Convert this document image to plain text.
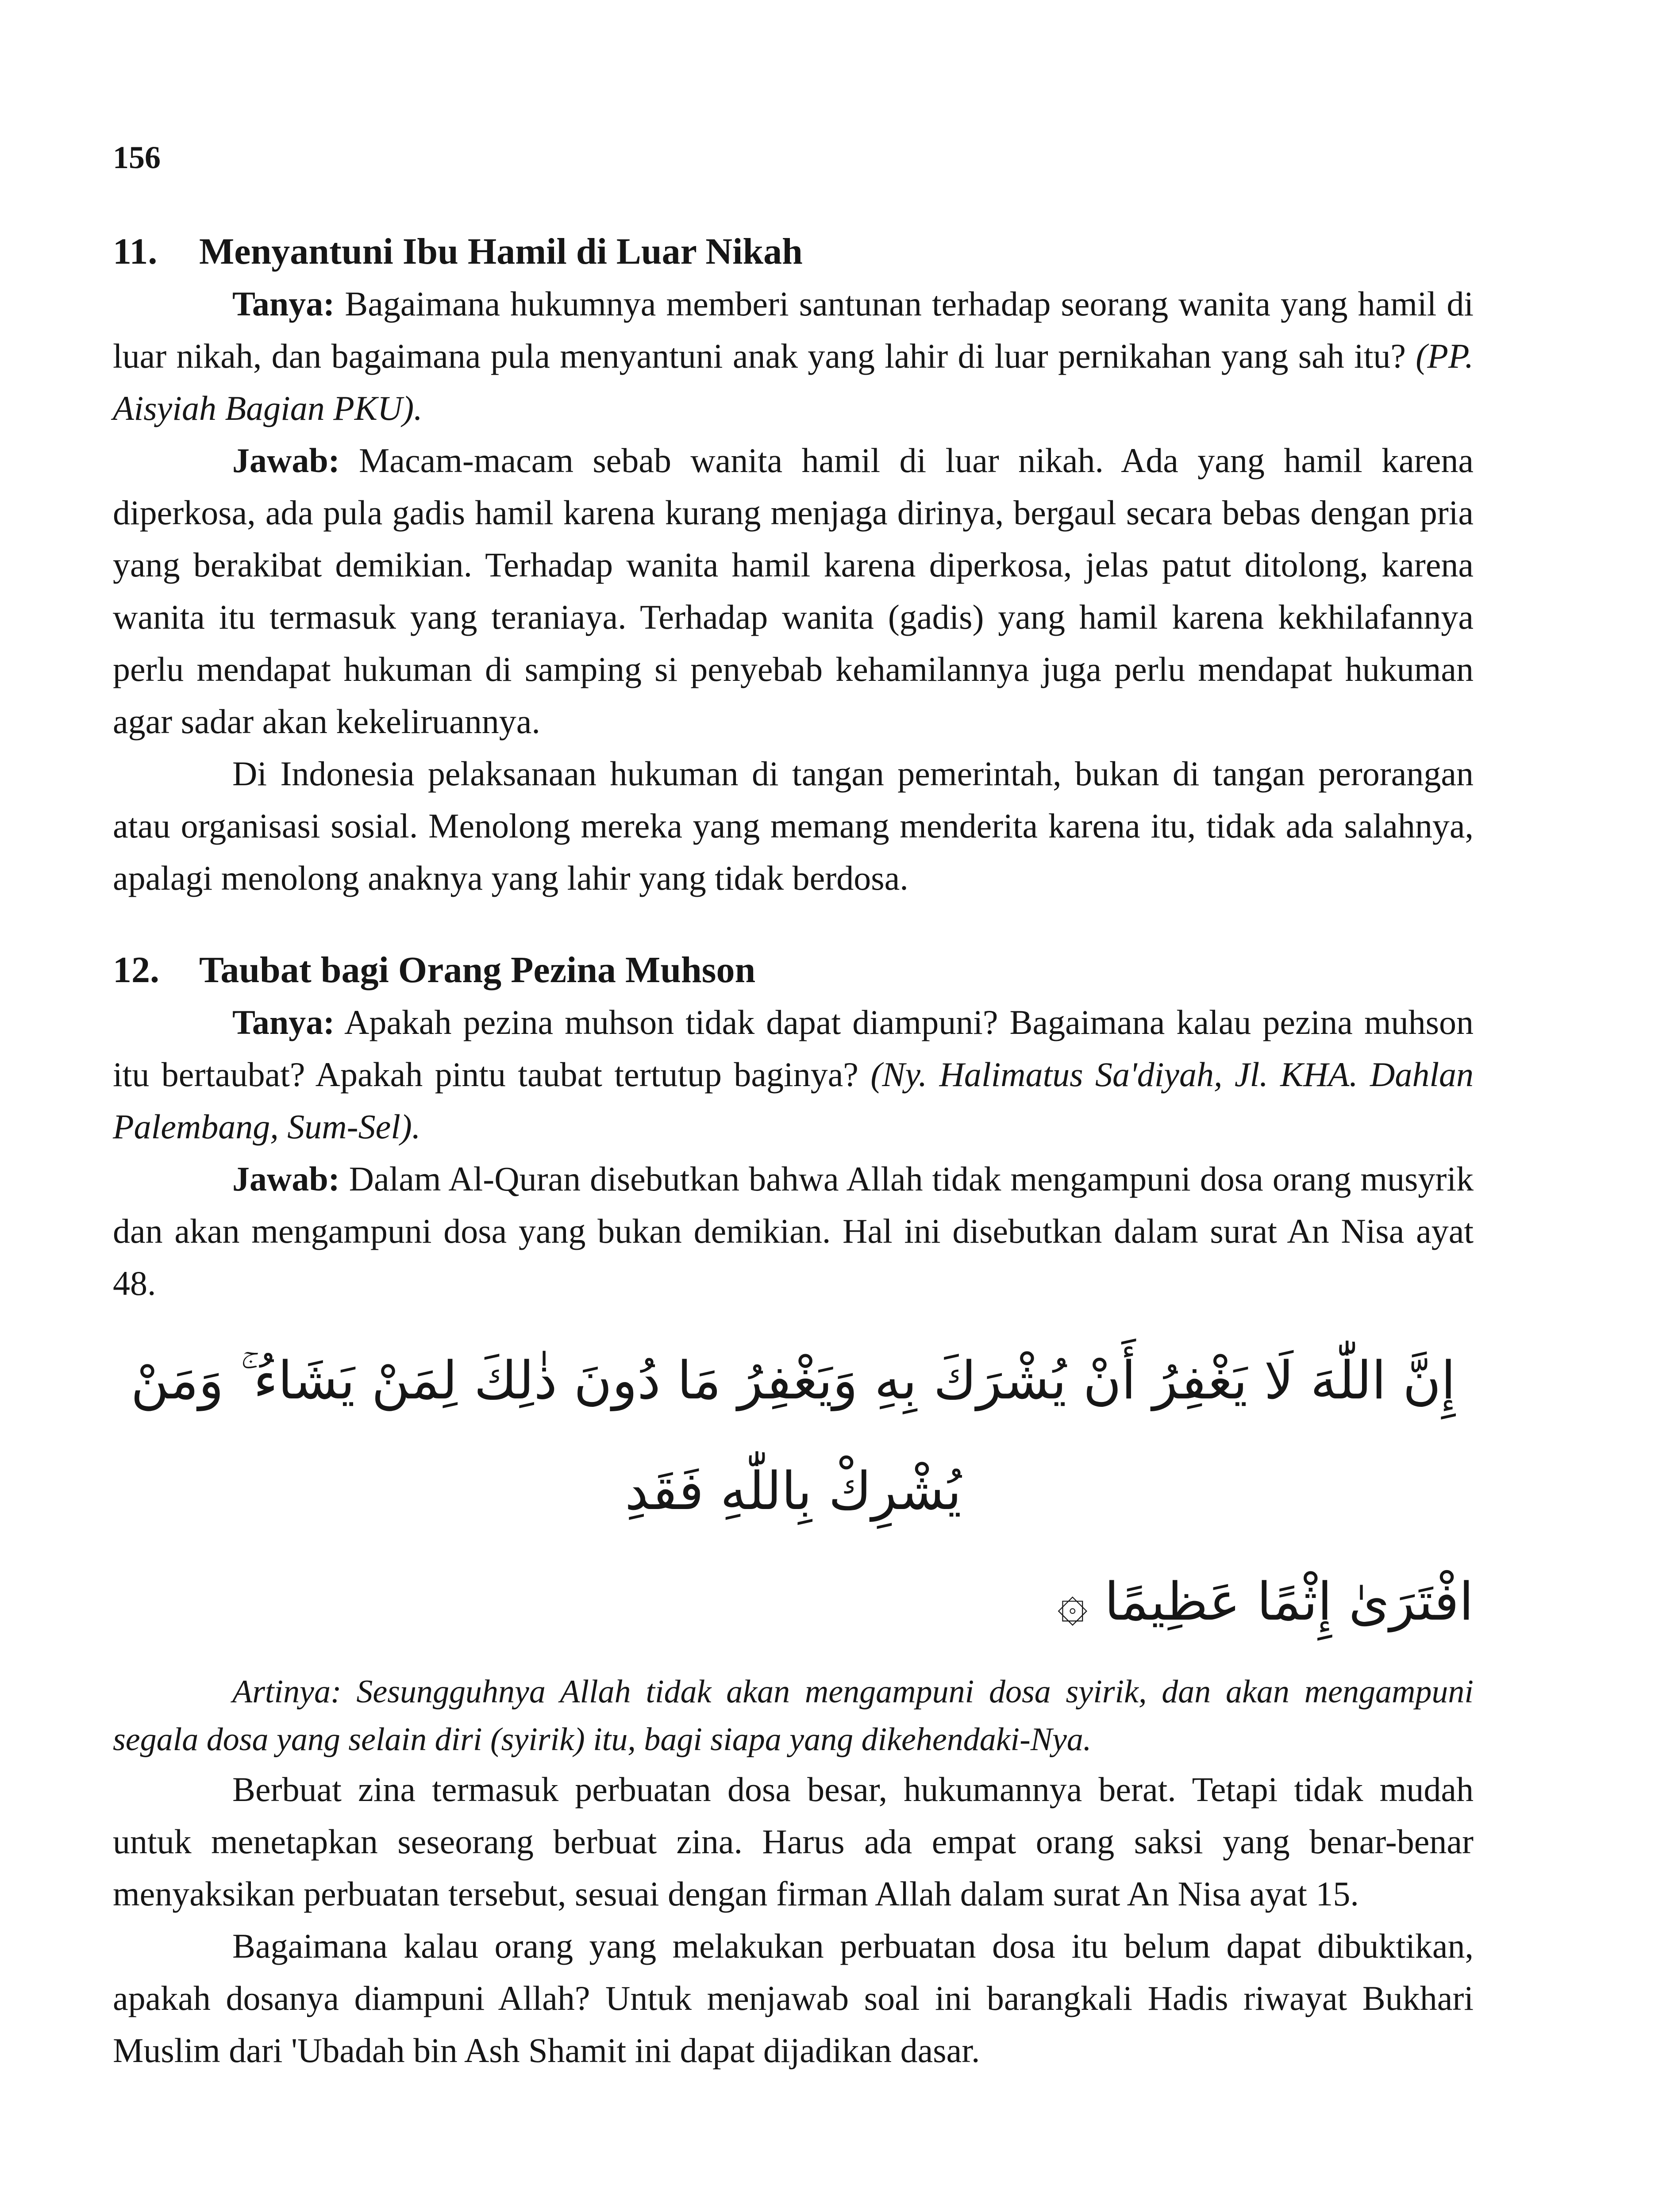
156
11.	Menyantuni Ibu Hamil di Luar Nikah

Tanya: Bagaimana hukumnya memberi santunan terhadap seorang wanita yang hamil di luar nikah, dan bagaimana pula menyantuni anak yang lahir di luar pernikahan yang sah itu? (PP. Aisyiah Bagian PKU).

Jawab: Macam-macam sebab wanita hamil di luar nikah. Ada yang hamil karena diperkosa, ada pula gadis hamil karena kurang menjaga dirinya, bergaul secara bebas dengan pria yang berakibat demikian. Terhadap wanita hamil karena diperkosa, jelas patut ditolong, karena wanita itu termasuk yang teraniaya. Terhadap wanita (gadis) yang hamil karena kekhilafannya perlu mendapat hukuman di samping si penyebab kehamilannya juga perlu mendapat hukuman agar sadar akan kekeliruannya.

Di Indonesia pelaksanaan hukuman di tangan pemerintah, bukan di tangan perorangan atau organisasi sosial. Menolong mereka yang memang menderita karena itu, tidak ada salahnya, apalagi menolong anaknya yang lahir yang tidak berdosa.

12.	Taubat bagi Orang Pezina Muhson

Tanya: Apakah pezina muhson tidak dapat diampuni? Bagaimana kalau pezina muhson itu bertaubat? Apakah pintu taubat tertutup baginya? (Ny. Halimatus Sa'diyah, Jl. KHA. Dahlan Palembang, Sum-Sel).

Jawab: Dalam Al-Quran disebutkan bahwa Allah tidak mengampuni dosa orang musyrik dan akan mengampuni dosa yang bukan demikian. Hal ini disebutkan dalam surat An Nisa ayat 48.

إِنَّ اللّٰهَ لَا يَغْفِرُ أَنْ يُشْرَكَ بِهِ وَيَغْفِرُ مَا دُونَ ذٰلِكَ لِمَنْ يَشَاءُ ۚ وَمَنْ يُشْرِكْ بِاللّٰهِ فَقَدِ
افْتَرَىٰ إِثْمًا عَظِيمًا ۞

Artinya: Sesungguhnya Allah tidak akan mengampuni dosa syirik, dan akan mengampuni segala dosa yang selain diri (syirik) itu, bagi siapa yang dikehendaki-Nya.

Berbuat zina termasuk perbuatan dosa besar, hukumannya berat. Tetapi tidak mudah untuk menetapkan seseorang berbuat zina. Harus ada empat orang saksi yang benar-benar menyaksikan perbuatan tersebut, sesuai dengan firman Allah dalam surat An Nisa ayat 15.

Bagaimana kalau orang yang melakukan perbuatan dosa itu belum dapat dibuktikan, apakah dosanya diampuni Allah? Untuk menjawab soal ini barangkali Hadis riwayat Bukhari Muslim dari 'Ubadah bin Ash Shamit ini dapat dijadikan dasar.
